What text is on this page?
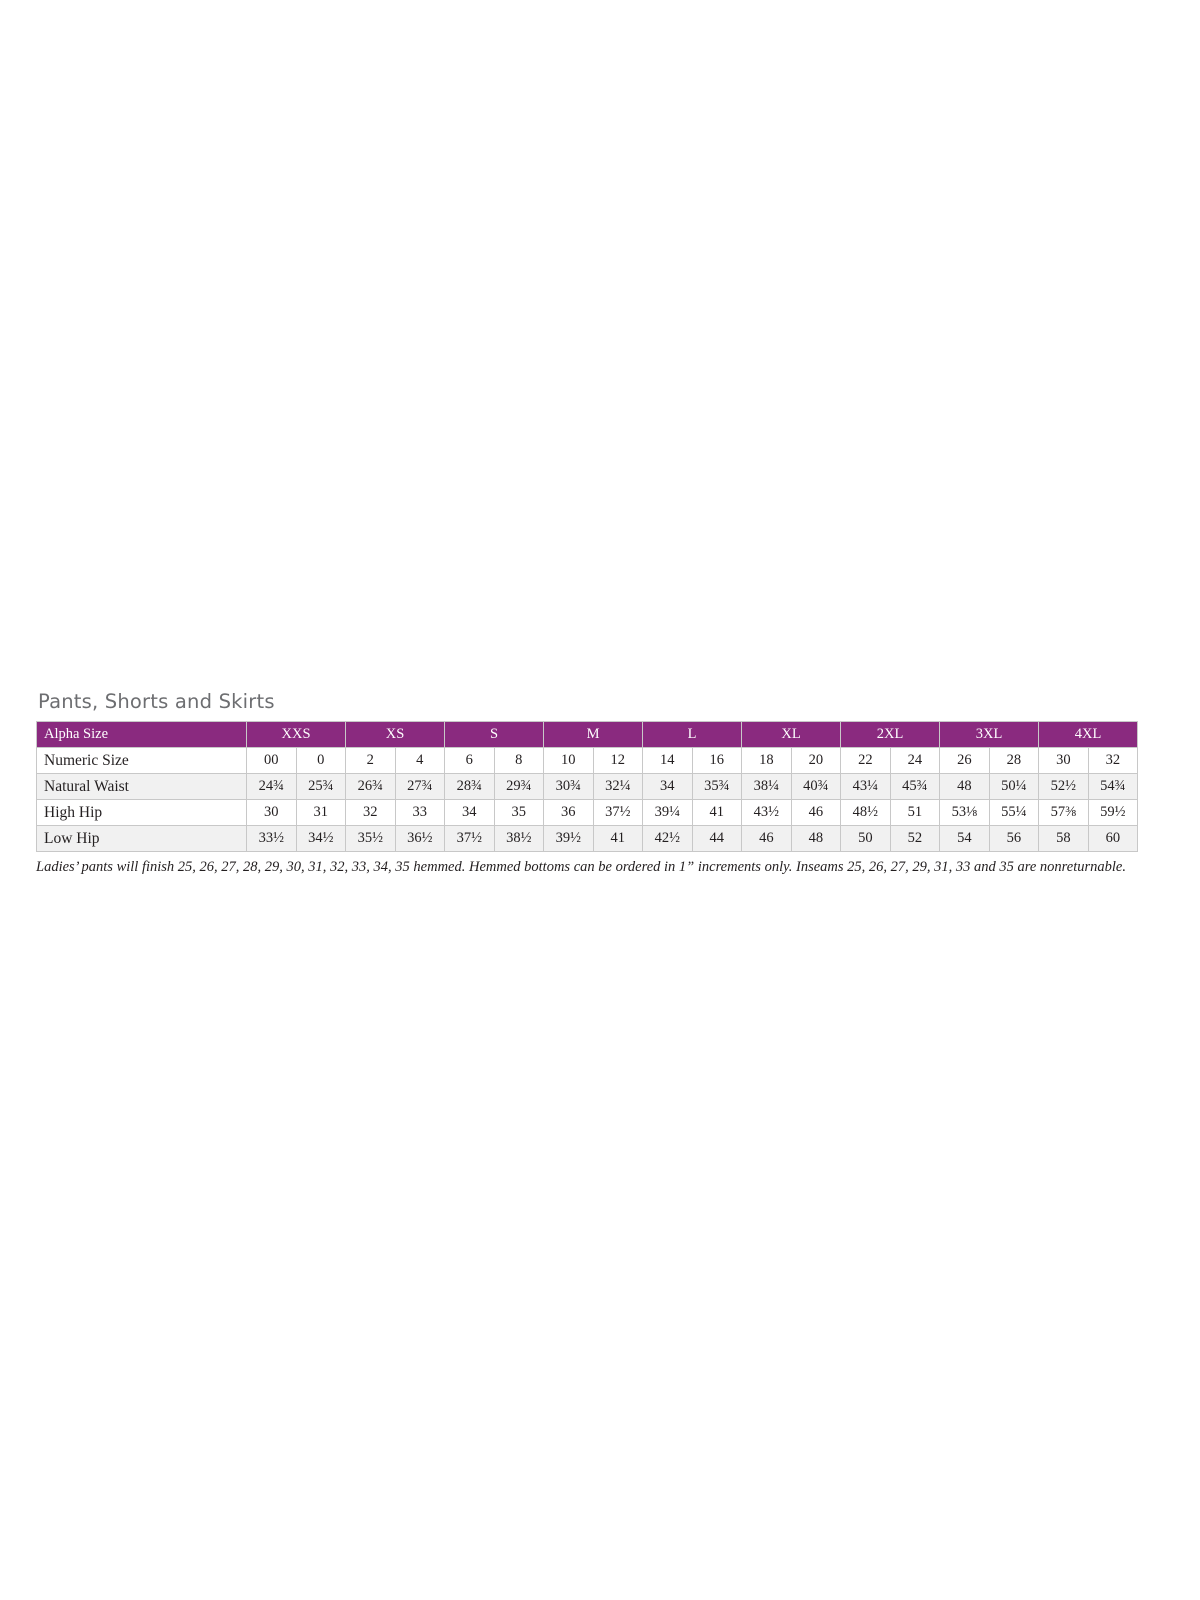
Pants, Shorts and Skirts
Alpha Size	XXS		XS		S		M		L		XL		2XL		3XL		4XL	
Numeric Size	00	0	2	4	6	8	10	12	14	16	18	20	22	24	26	28	30	32
Natural Waist	24¾	25¾	26¾	27¾	28¾	29¾	30¾	32¼	34	35¾	38¼	40¾	43¼	45¾	48	50¼	52½	54¾
High Hip	30	31	32	33	34	35	36	37½	39¼	41	43½	46	48½	51	53⅛	55¼	57⅜	59½
Low Hip	33½	34½	35½	36½	37½	38½	39½	41	42½	44	46	48	50	52	54	56	58	60
Ladies’ pants will finish 25, 26, 27, 28, 29, 30, 31, 32, 33, 34, 35 hemmed. Hemmed bottoms can be ordered in 1” increments only. Inseams 25, 26, 27, 29, 31, 33 and 35 are nonreturnable.
